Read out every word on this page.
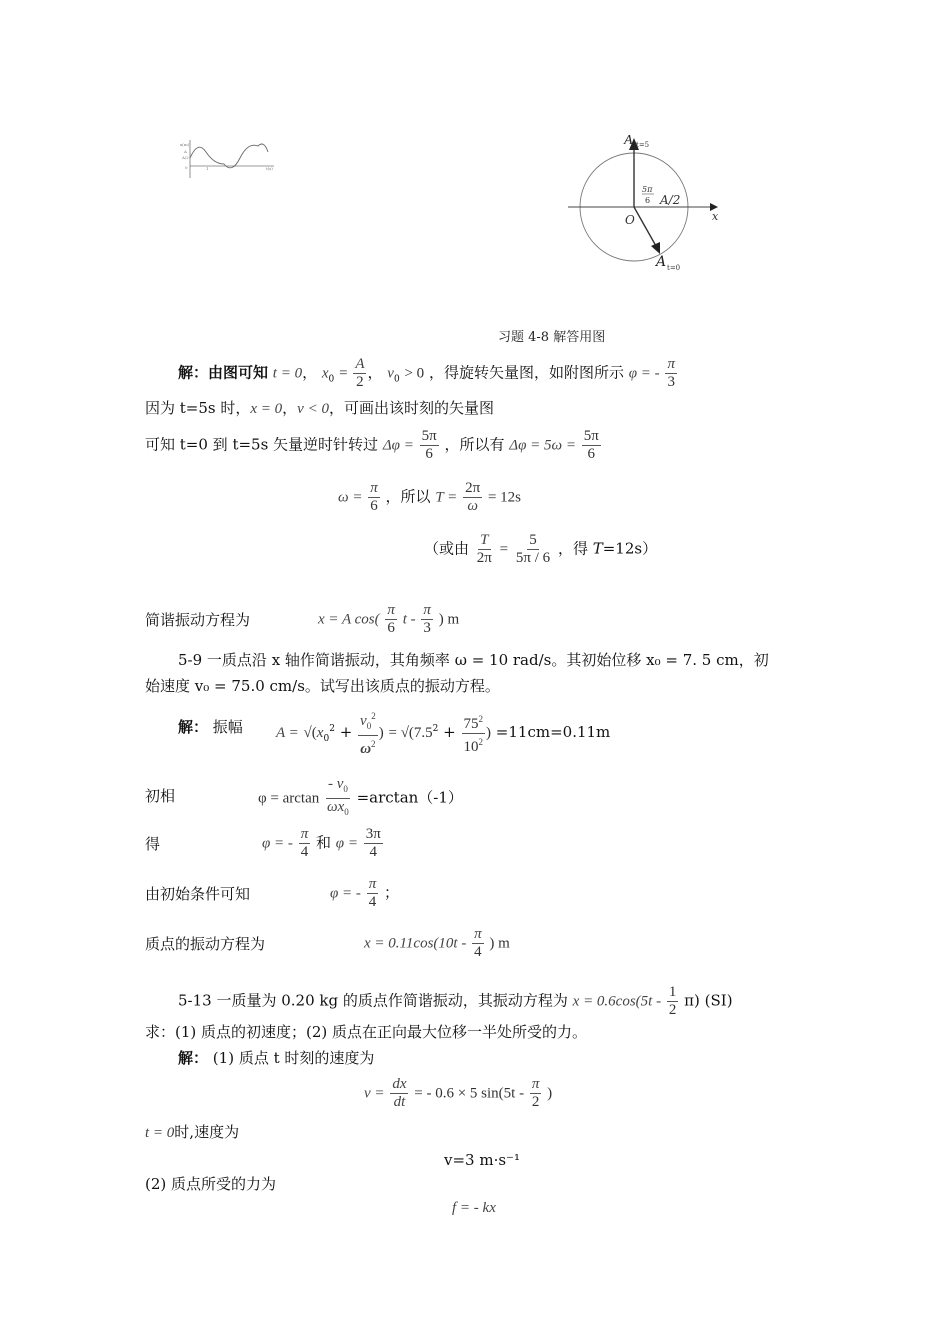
x(m)
A
A/2
0	1	t(s)
A t=5
5π
6 A/2
O	x
A t=0
习题 4-8 解答用图
解：由图可知 t = 0， $x_0 = \frac{A}{2}$ ， $v_0 > 0$ ，得旋转矢量图，如附图所示 φ = - $\frac{\pi}{3}$
因为 t=5s 时，x = 0，v < 0，可画出该时刻的矢量图
可知 t=0 到 t=5s 矢量逆时针转过 $\Delta\varphi = \frac{5\pi}{6}$ ，所以有 $\Delta\varphi = 5\omega = \frac{5\pi}{6}$
$\omega = \frac{\pi}{6}$ ，所以 $T = \frac{2\pi}{\omega} = 12s$
（或由 $\frac{T}{2\pi} = \frac{5}{5\pi / 6}$ ，得 T=12s）
简谐振动方程为	x = A $\cos( \frac{\pi}{6}$ t - $\frac{\pi}{3}$ ) m
5-9 一质点沿 x 轴作简谐振动，其角频率 ω = 10 rad/s。其初始位移 x₀ = 7. 5 cm，初
始速度 v₀ = 75.0 cm/s。试写出该质点的振动方程。
解： 振幅 $A = √(x_0^2 + \frac{v_0^2}{\omega^2}$ ) = $√(7.5^2 + \frac{75^2}{10^2}$ ) =11cm=0.11m
初相	$\varphi = \arctan \frac{- v_0}{\omega x_0} =\arctan(-1)$
得	φ = - $\frac{\pi}{4}$ 和 $\varphi = \frac{3\pi}{4}$
由初始条件可知	φ = - $\frac{\pi}{4}$ ；
质点的振动方程为	$x = 0.11\cos(10t - \frac{\pi}{4}$ ) m
5-13 一质量为 0.20 kg 的质点作简谐振动，其振动方程为 $x = 0.6\cos(5t - \frac{1}{2} \pi)$ (SI)
求：(1) 质点的初速度；(2) 质点在正向最大位移一半处所受的力。
解： (1) 质点 t 时刻的速度为
$v = \frac{dx}{dt}$ = - 0.6 × 5 $\sin(5t - \frac{\pi}{2}$ )
t = 0时,速度为
v=3 m·s⁻¹
(2) 质点所受的力为
f = - kx
